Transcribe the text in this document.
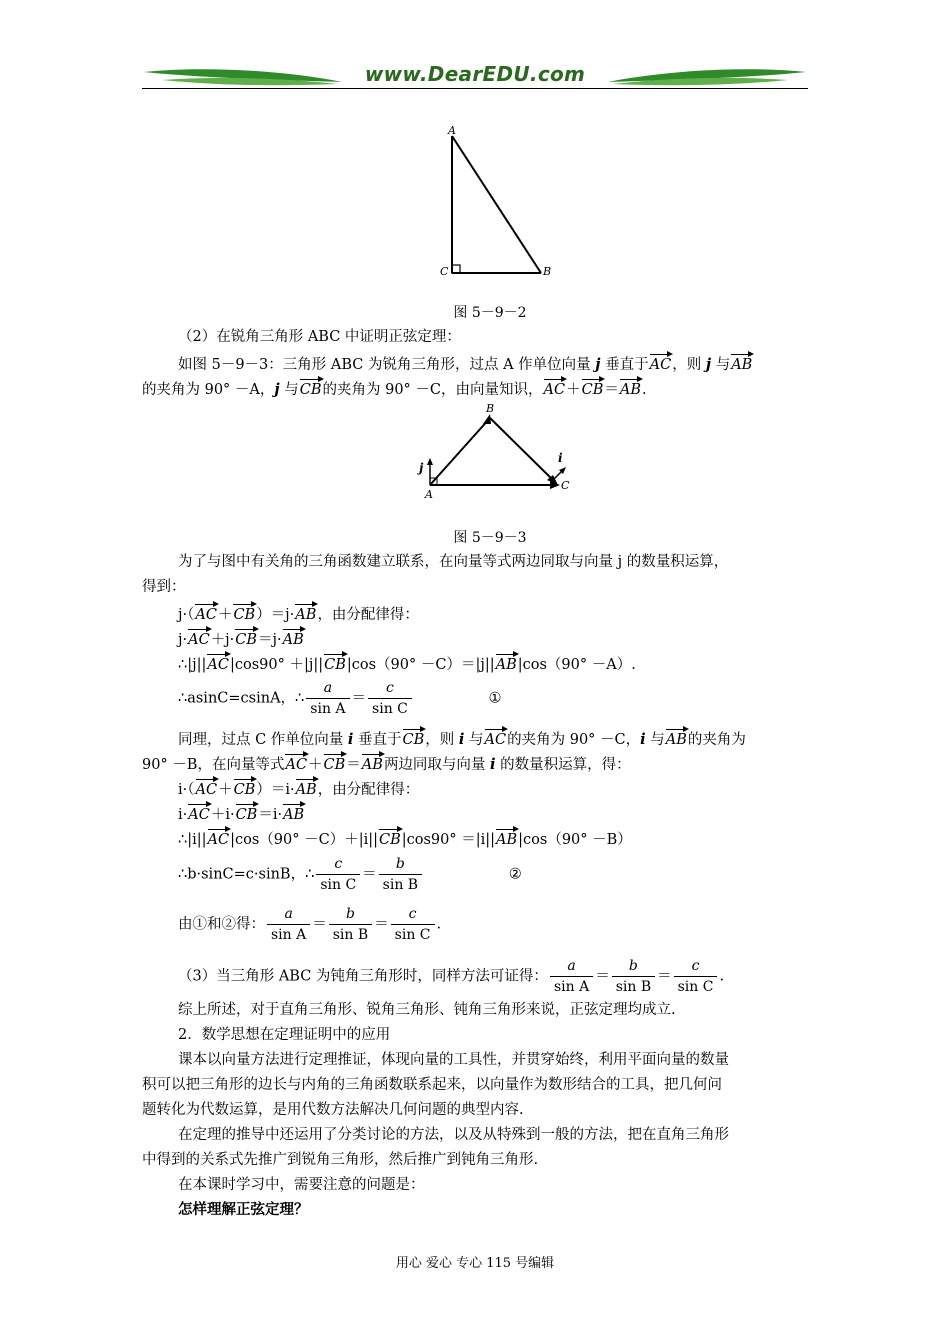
www.DearEDU.com
A
C	B
图 5－9－2
（2）在锐角三角形 ABC 中证明正弦定理：
如图 5－9－3：三角形 ABC 为锐角三角形，过点 A 作单位向量 j 垂直于AC，则 j 与AB
的夹角为 90° －A，j 与CB的夹角为 90° －C，由向量知识，AC＋CB＝AB.
B
A
C
j
i
图 5－9－3
为了与图中有关角的三角函数建立联系，在向量等式两边同取与向量 j 的数量积运算，
得到：
j·（AC＋CB）＝j·AB，由分配律得：
j·AC＋j·CB＝j·AB
∴|j||AC|cos90° ＋|j||CB|cos（90° －C）＝|j||AB|cos（90° －A）.
∴asinC=csinA，∴ $\frac{a}{\text{sin A}} = \frac{c}{\text{sin C}}$	①
同理，过点 C 作单位向量 i 垂直于CB，则 i 与AC的夹角为 90° －C，i 与AB的夹角为
90° －B，在向量等式AC＋CB＝AB两边同取与向量 i 的数量积运算，得：
i·（AC＋CB）＝i·AB，由分配律得：
i·AC＋i·CB＝i·AB
∴|i||AC|cos（90° －C）＋|i||CB|cos90° ＝|i||AB|cos（90° －B）
∴b·sinC=c·sinB，∴ $\frac{c}{\text{sin C}} = \frac{b}{\text{sin B}}$	②
由①和②得： $\frac{a}{\text{sin A}} = \frac{b}{\text{sin B}} = \frac{c}{\text{sin C}}$ .
（3）当三角形 ABC 为钝角三角形时，同样方法可证得： $\frac{a}{\text{sin A}} = \frac{b}{\text{sin B}} = \frac{c}{\text{sin C}}$ .
综上所述，对于直角三角形、锐角三角形、钝角三角形来说，正弦定理均成立.
2．数学思想在定理证明中的应用
课本以向量方法进行定理推证，体现向量的工具性，并贯穿始终，利用平面向量的数量
积可以把三角形的边长与内角的三角函数联系起来，以向量作为数形结合的工具，把几何问
题转化为代数运算，是用代数方法解决几何问题的典型内容.
在定理的推导中还运用了分类讨论的方法，以及从特殊到一般的方法，把在直角三角形
中得到的关系式先推广到锐角三角形，然后推广到钝角三角形.
在本课时学习中，需要注意的问题是：
怎样理解正弦定理？
用心 爱心 专心 115 号编辑
